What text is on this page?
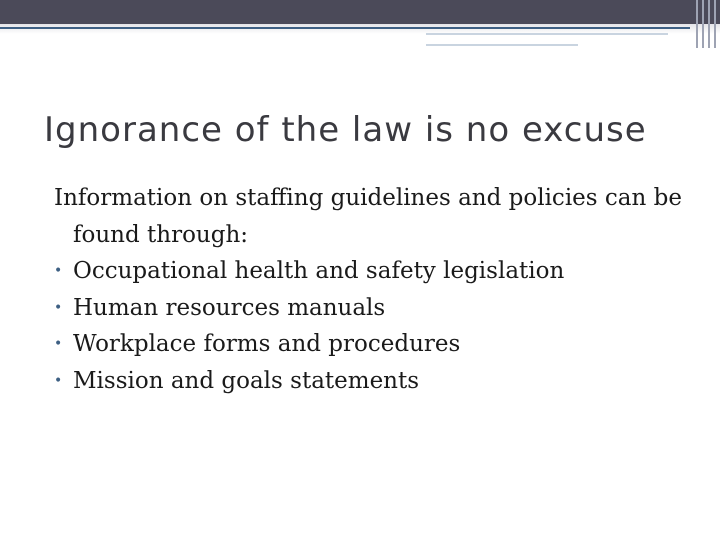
Ignorance of the law is no excuse

Information on staffing guidelines and policies can be found through:

• Occupational health and safety legislation
• Human resources manuals
• Workplace forms and procedures
• Mission and goals statements
